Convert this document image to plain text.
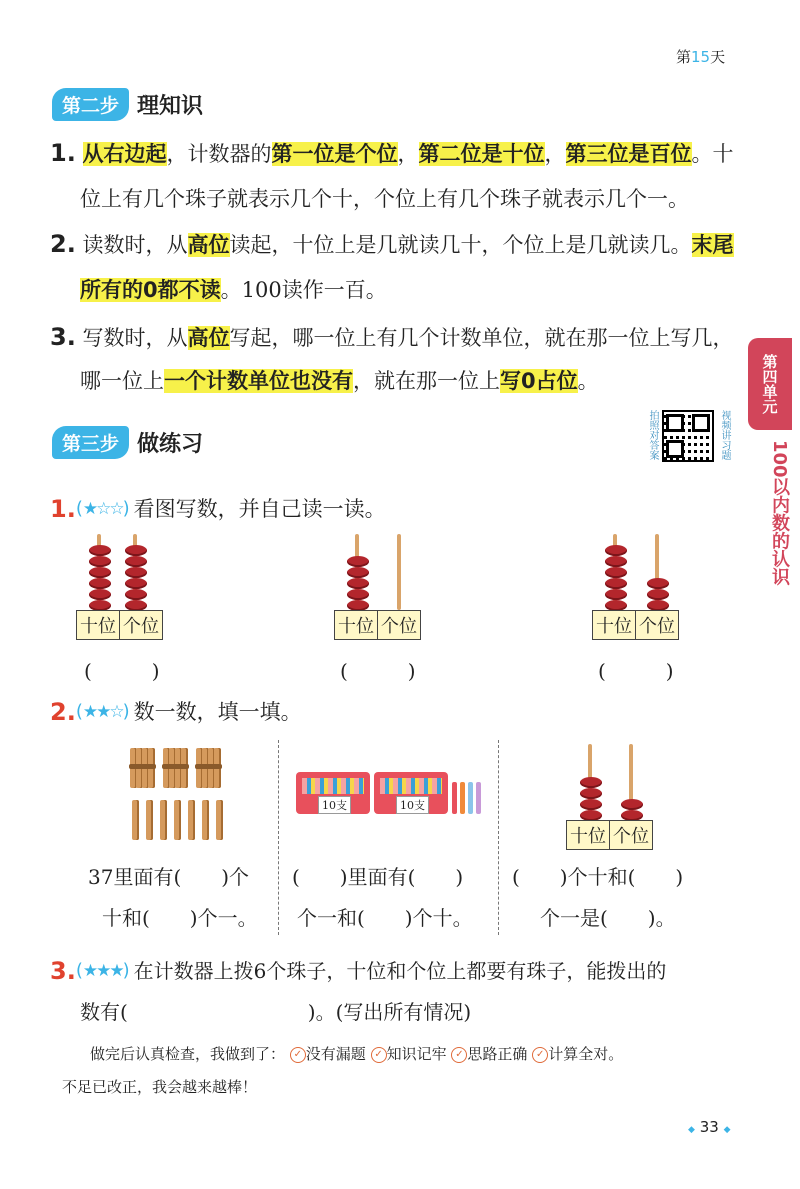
第15天
第四单元
100以内数的认识
第二步 理知识
1. 从右边起，计数器的第一位是个位，第二位是十位，第三位是百位。十
位上有几个珠子就表示几个十，个位上有几个珠子就表示几个一。
2. 读数时，从高位读起，十位上是几就读几十，个位上是几就读几。末尾
所有的0都不读。100读作一百。
3. 写数时，从高位写起，哪一位上有几个计数单位，就在那一位上写几，
哪一位上一个计数单位也没有，就在那一位上写0占位。
第三步 做练习	拍照对答案	视频讲习题
1. ( ★☆☆ ) 看图写数，并自己读一读。
十位 个位	十位 个位	十位 个位
(　　　)	(　　　)	(　　　)
2. ( ★★☆ ) 数一数，填一填。
10支	10支
十位 个位
37里面有(　　)个
十和(　　)个一。
(　　)里面有(　　)
个一和(　　)个十。
(　　)个十和(　　)
个一是(　　)。
3. ( ★★★ ) 在计数器上拨6个珠子，十位和个位上都要有珠子，能拨出的
数有(　　　　　　　　　)。(写出所有情况)
做完后认真检查，我做到了： ✓ 没有漏题 ✓ 知识记牢 ✓ 思路正确 ✓ 计算全对。
不足已改正，我会越来越棒！
◆ 33 ◆
